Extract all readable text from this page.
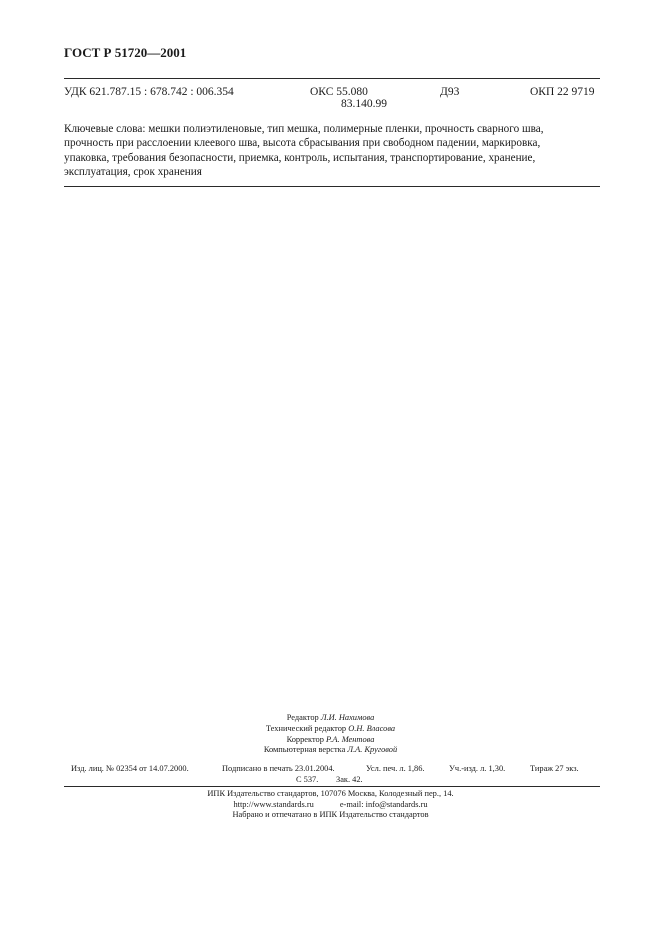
ГОСТ Р 51720—2001
УДК 621.787.15 : 678.742 : 006.354	ОКС 55.080
83.140.99
Д93	ОКП 22 9719
Ключевые слова: мешки полиэтиленовые, тип мешка, полимерные пленки, прочность сварного шва,
прочность при расслоении клеевого шва, высота сбрасывания при свободном падении, маркировка,
упаковка, требования безопасности, приемка, контроль, испытания, транспортирование, хранение,
эксплуатация, срок хранения
Редактор Л.И. Нахимова
Технический редактор О.Н. Власова
Корректор Р.А. Ментова
Компьютерная верстка Л.А. Круговой
Изд. лиц. № 02354 от 14.07.2000.	Подписано в печать 23.01.2004.	Усл. печ. л. 1,86.	Уч.-изд. л. 1,30.	Тираж 27 экз.
С 537. Зак. 42.
ИПК Издательство стандартов, 107076 Москва, Колодезный пер., 14.
http://www.standards.ru	e-mail: info@standards.ru
Набрано и отпечатано в ИПК Издательство стандартов
